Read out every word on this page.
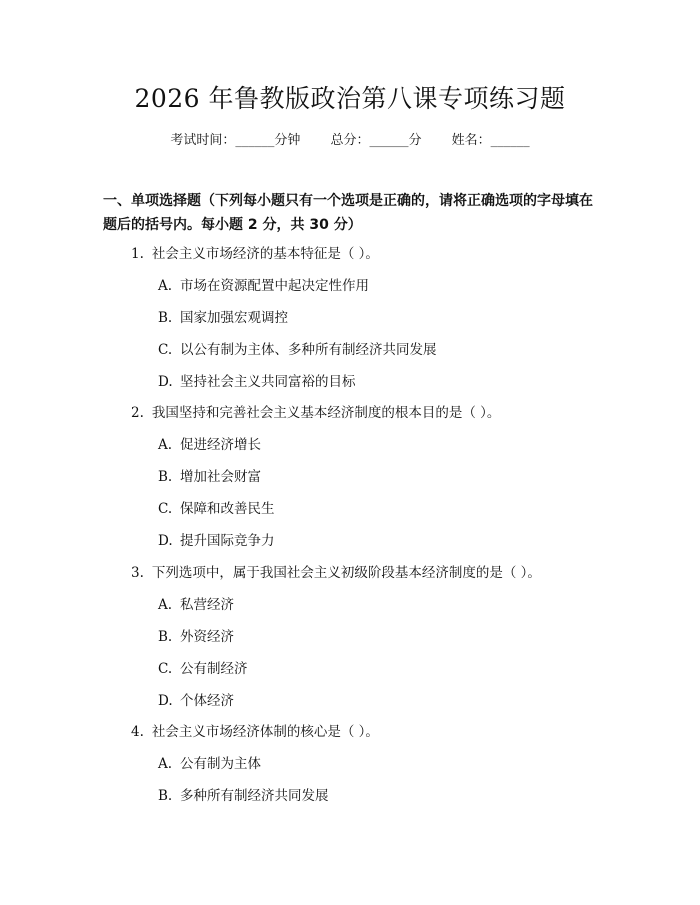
2026 年鲁教版政治第八课专项练习题
考试时间：______分钟 总分：______分 姓名：______
一、单项选择题（下列每小题只有一个选项是正确的，请将正确选项的字母填在题后的括号内。每小题 2 分，共 30 分）
1. 社会主义市场经济的基本特征是（ ）。
A. 市场在资源配置中起决定性作用
B. 国家加强宏观调控
C. 以公有制为主体、多种所有制经济共同发展
D. 坚持社会主义共同富裕的目标
2. 我国坚持和完善社会主义基本经济制度的根本目的是（ ）。
A. 促进经济增长
B. 增加社会财富
C. 保障和改善民生
D. 提升国际竞争力
3. 下列选项中，属于我国社会主义初级阶段基本经济制度的是（ ）。
A. 私营经济
B. 外资经济
C. 公有制经济
D. 个体经济
4. 社会主义市场经济体制的核心是（ ）。
A. 公有制为主体
B. 多种所有制经济共同发展
